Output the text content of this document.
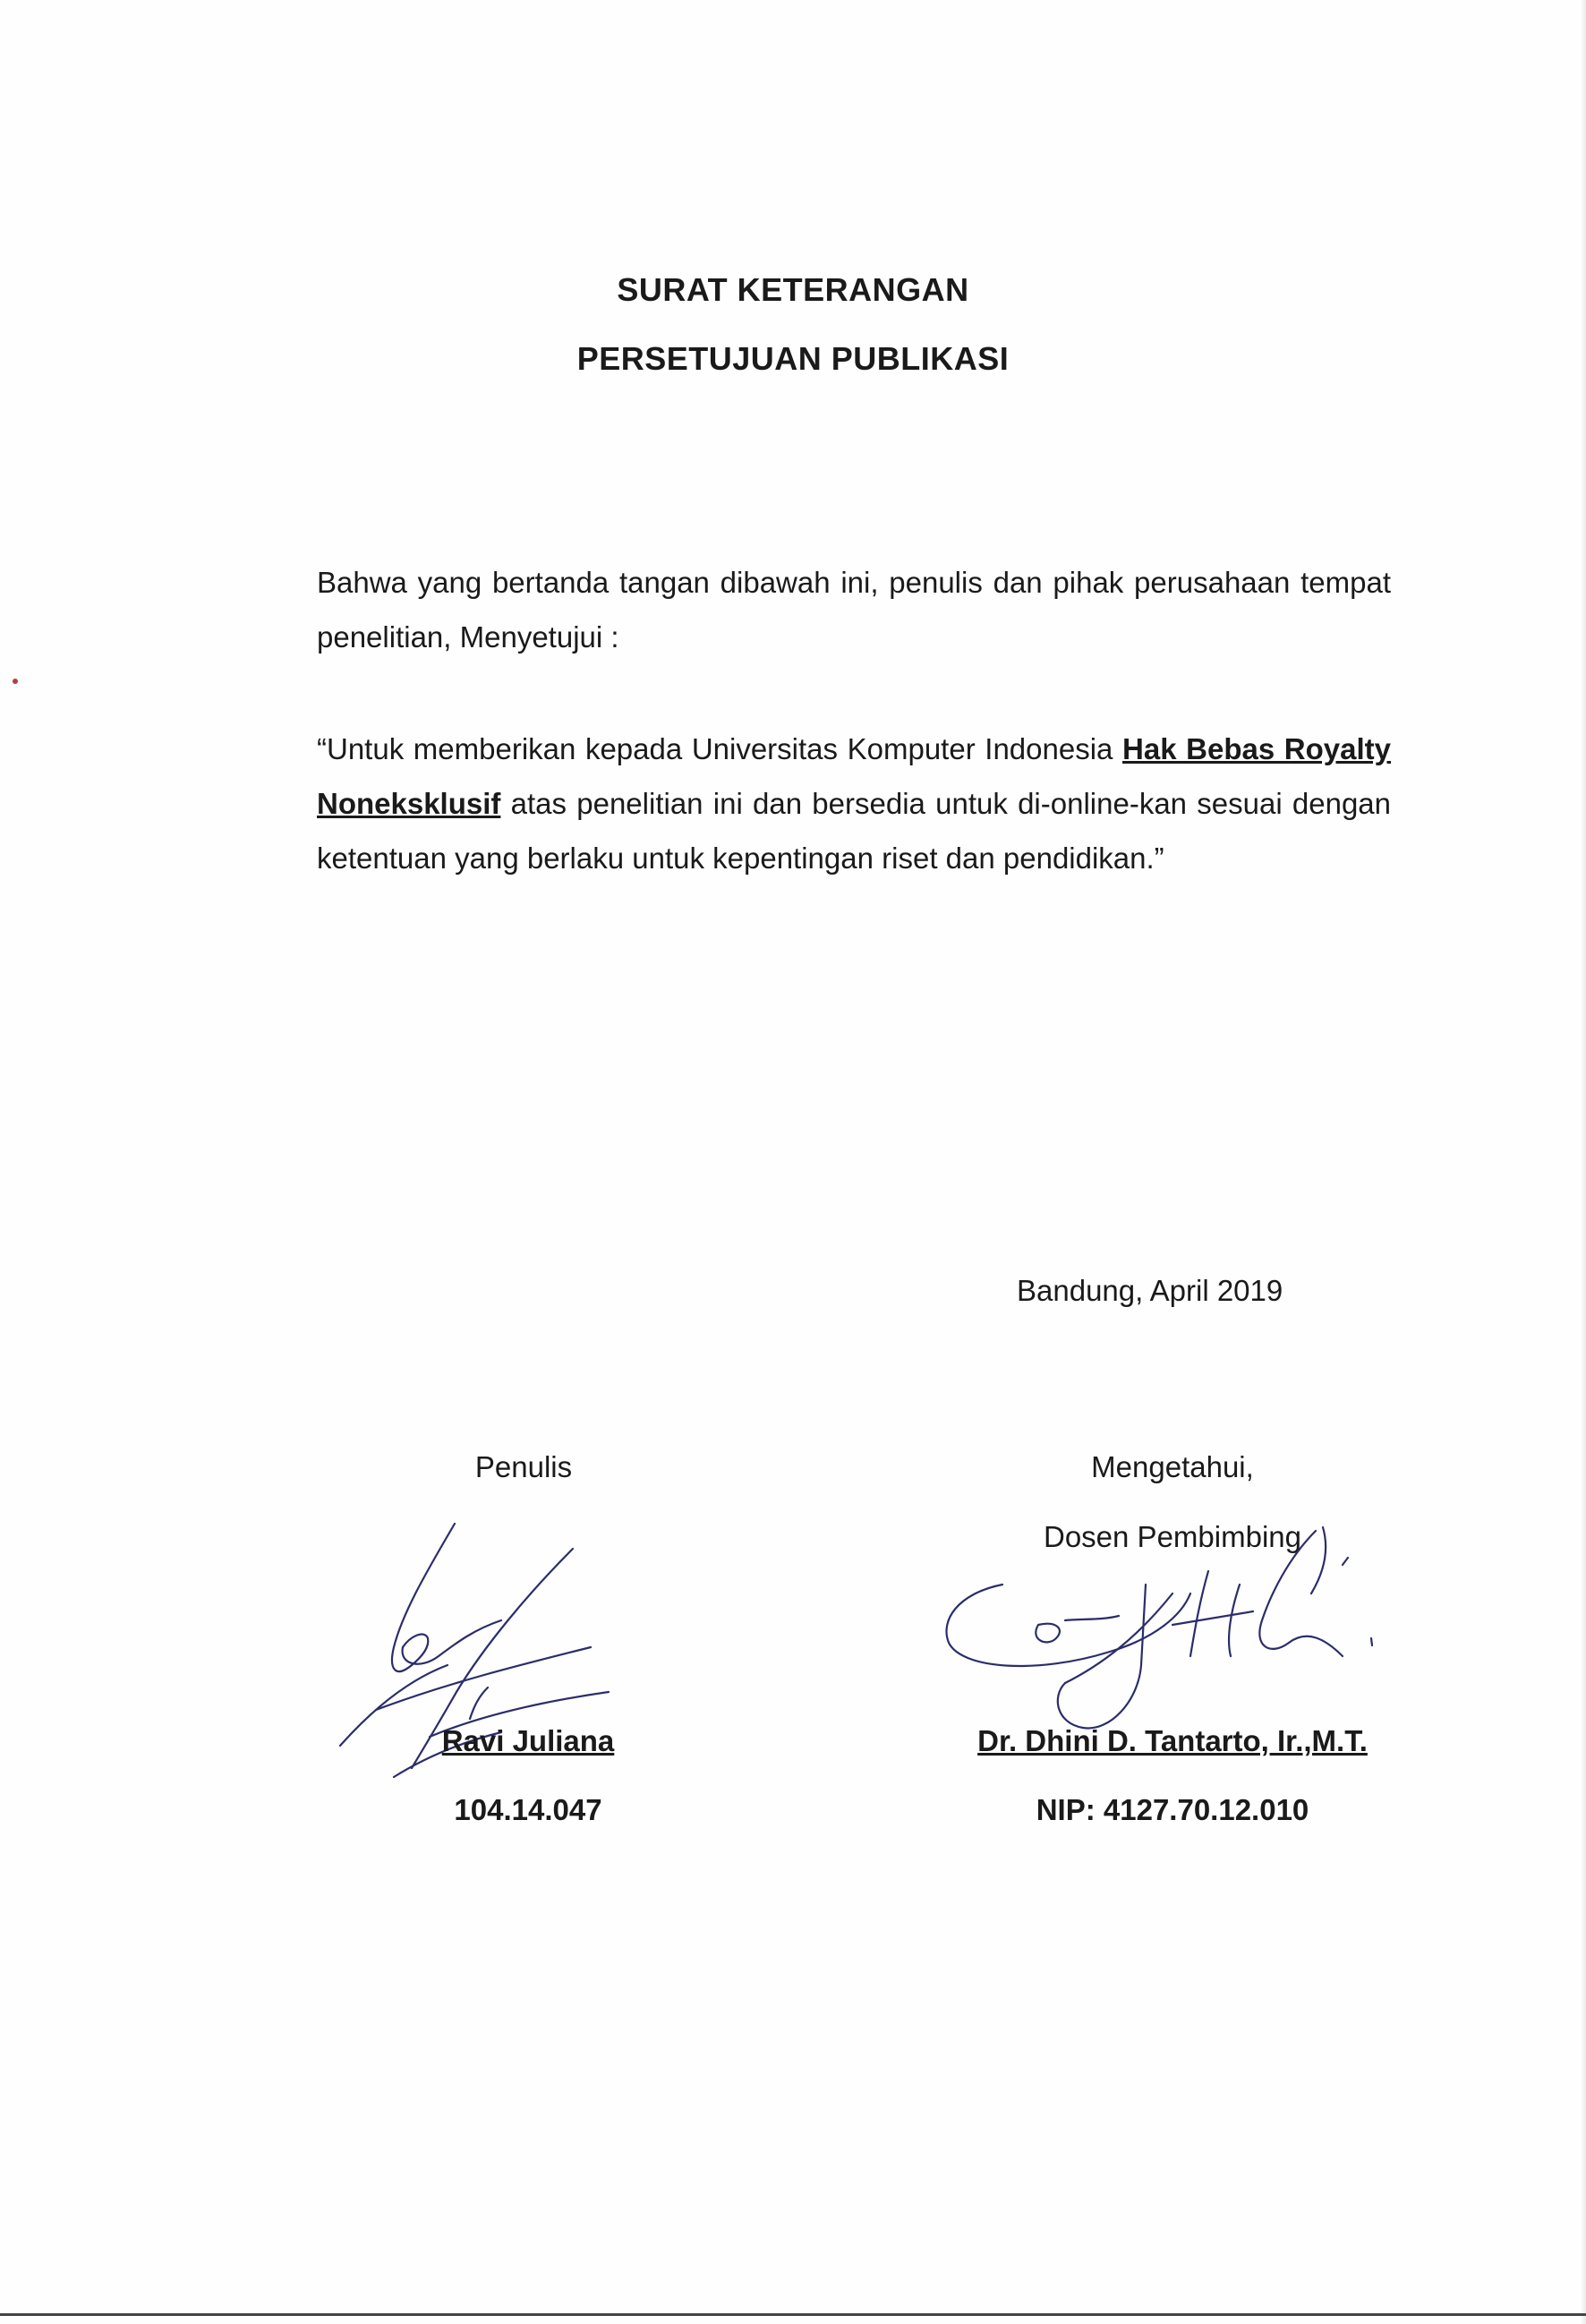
SURAT KETERANGAN
PERSETUJUAN PUBLIKASI
Bahwa yang bertanda tangan dibawah ini, penulis dan pihak perusahaan tempat penelitian, Menyetujui :
“Untuk memberikan kepada Universitas Komputer Indonesia Hak Bebas Royalty Noneksklusif atas penelitian ini dan bersedia untuk di-online-kan sesuai dengan ketentuan yang berlaku untuk kepentingan riset dan pendidikan.”
Bandung, April 2019
Penulis	Mengetahui,
Dosen Pembimbing
Ravi Juliana	Dr. Dhini D. Tantarto, Ir.,M.T.
104.14.047	NIP: 4127.70.12.010
